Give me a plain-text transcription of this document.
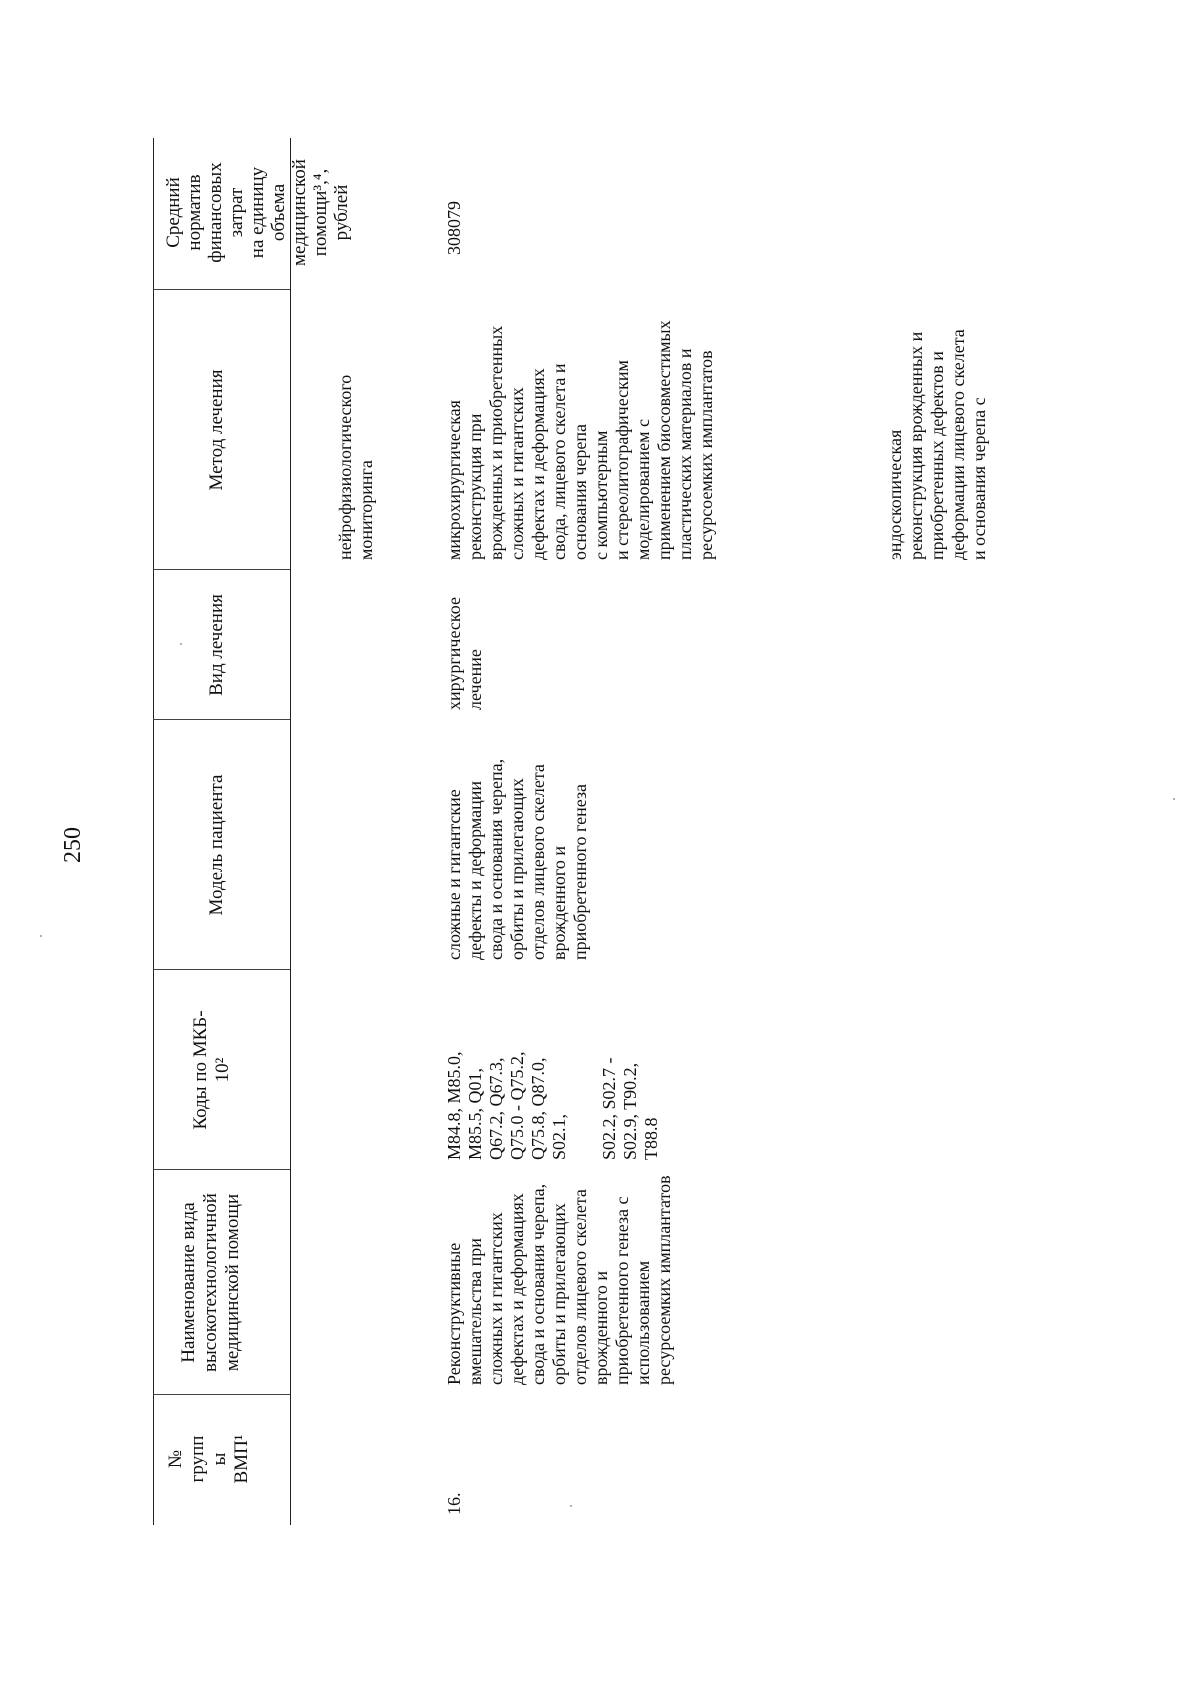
250
№
групп
ы
ВМП¹
Наименование вида
высокотехнологичной
медицинской помощи
Коды по МКБ-
10²
Модель пациента
Вид лечения
Метод лечения
Средний норматив
финансовых затрат
на единицу объема
медицинской
помощи³,⁴, рублей
нейрофизиологического
мониторинга
16.
Реконструктивные
вмешательства при
сложных и гигантских
дефектах и деформациях
свода и основания черепа,
орбиты и прилегающих
отделов лицевого скелета
врожденного и
приобретенного генеза с
использованием
ресурсоемких имплантатов
M84.8, M85.0,
M85.5, Q01,
Q67.2, Q67.3,
Q75.0 - Q75.2,
Q75.8, Q87.0,
S02.1, S02.2, S02.7 -
S02.9, T90.2,
T88.8
сложные и гигантские
дефекты и деформации
свода и основания черепа,
орбиты и прилегающих
отделов лицевого скелета
врожденного и
приобретенного генеза
хирургическое
лечение
микрохирургическая
реконструкция при
врожденных и приобретенных
сложных и гигантских
дефектах и деформациях
свода, лицевого скелета и
основания черепа
с компьютерным
и стереолитографическим
моделированием с
применением биосовместимых
пластических материалов и
ресурсоемких имплантатов
эндоскопическая
реконструкция врожденных и
приобретенных дефектов и
деформации лицевого скелета
и основания черепа с
308079
